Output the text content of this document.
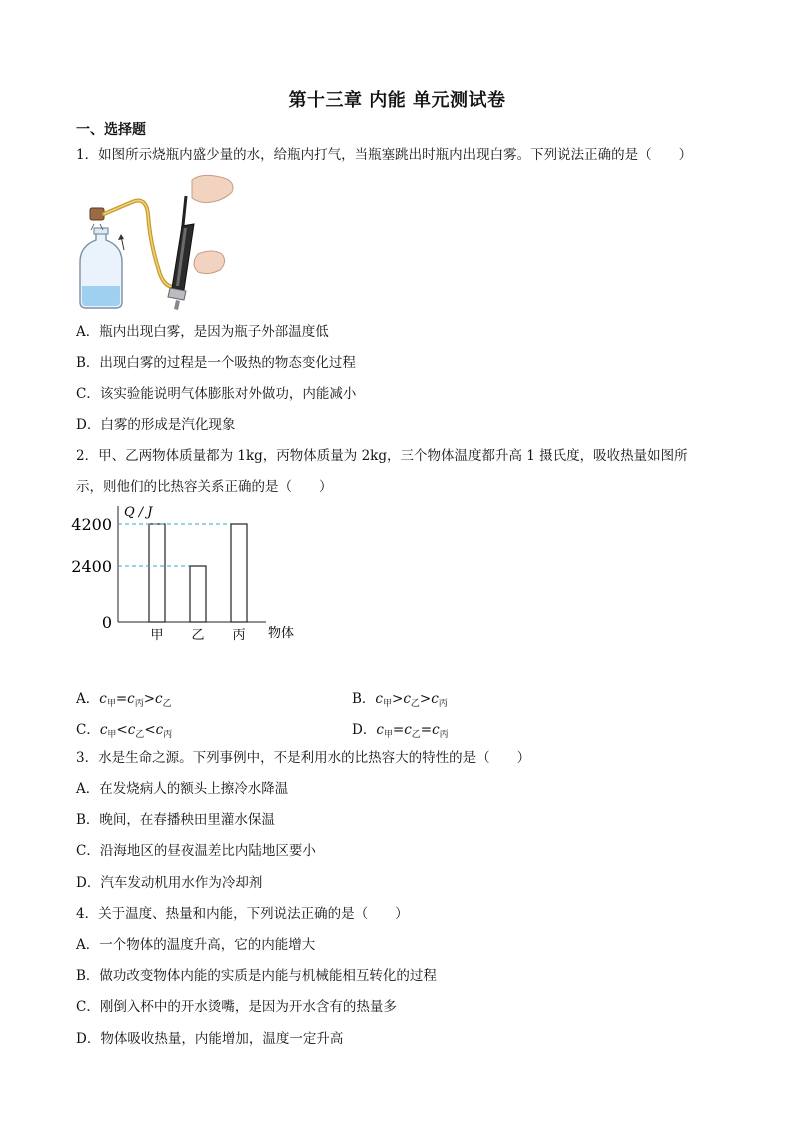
第十三章 内能 单元测试卷
一、选择题
1．如图所示烧瓶内盛少量的水，给瓶内打气，当瓶塞跳出时瓶内出现白雾。下列说法正确的是（　　）
A．瓶内出现白雾，是因为瓶子外部温度低
B．出现白雾的过程是一个吸热的物态变化过程
C．该实验能说明气体膨胀对外做功，内能减小
D．白雾的形成是汽化现象
2．甲、乙两物体质量都为 1kg，丙物体质量为 2kg，三个物体温度都升高 1 摄氏度，吸收热量如图所
示，则他们的比热容关系正确的是（　　）
Q / J
物体
4200
2400
0
甲 乙 丙
A．$c_甲=c_丙>c_乙$	B．$c_甲>c_乙>c_丙$
C．$c_甲<c_乙<c_丙$	D．$c_甲=c_乙=c_丙$
3．水是生命之源。下列事例中，不是利用水的比热容大的特性的是（　　）
A．在发烧病人的额头上擦冷水降温
B．晚间，在春播秧田里灌水保温
C．沿海地区的昼夜温差比内陆地区要小
D．汽车发动机用水作为冷却剂
4．关于温度、热量和内能，下列说法正确的是（　　）
A．一个物体的温度升高，它的内能增大
B．做功改变物体内能的实质是内能与机械能相互转化的过程
C．刚倒入杯中的开水烫嘴，是因为开水含有的热量多
D．物体吸收热量，内能增加，温度一定升高
